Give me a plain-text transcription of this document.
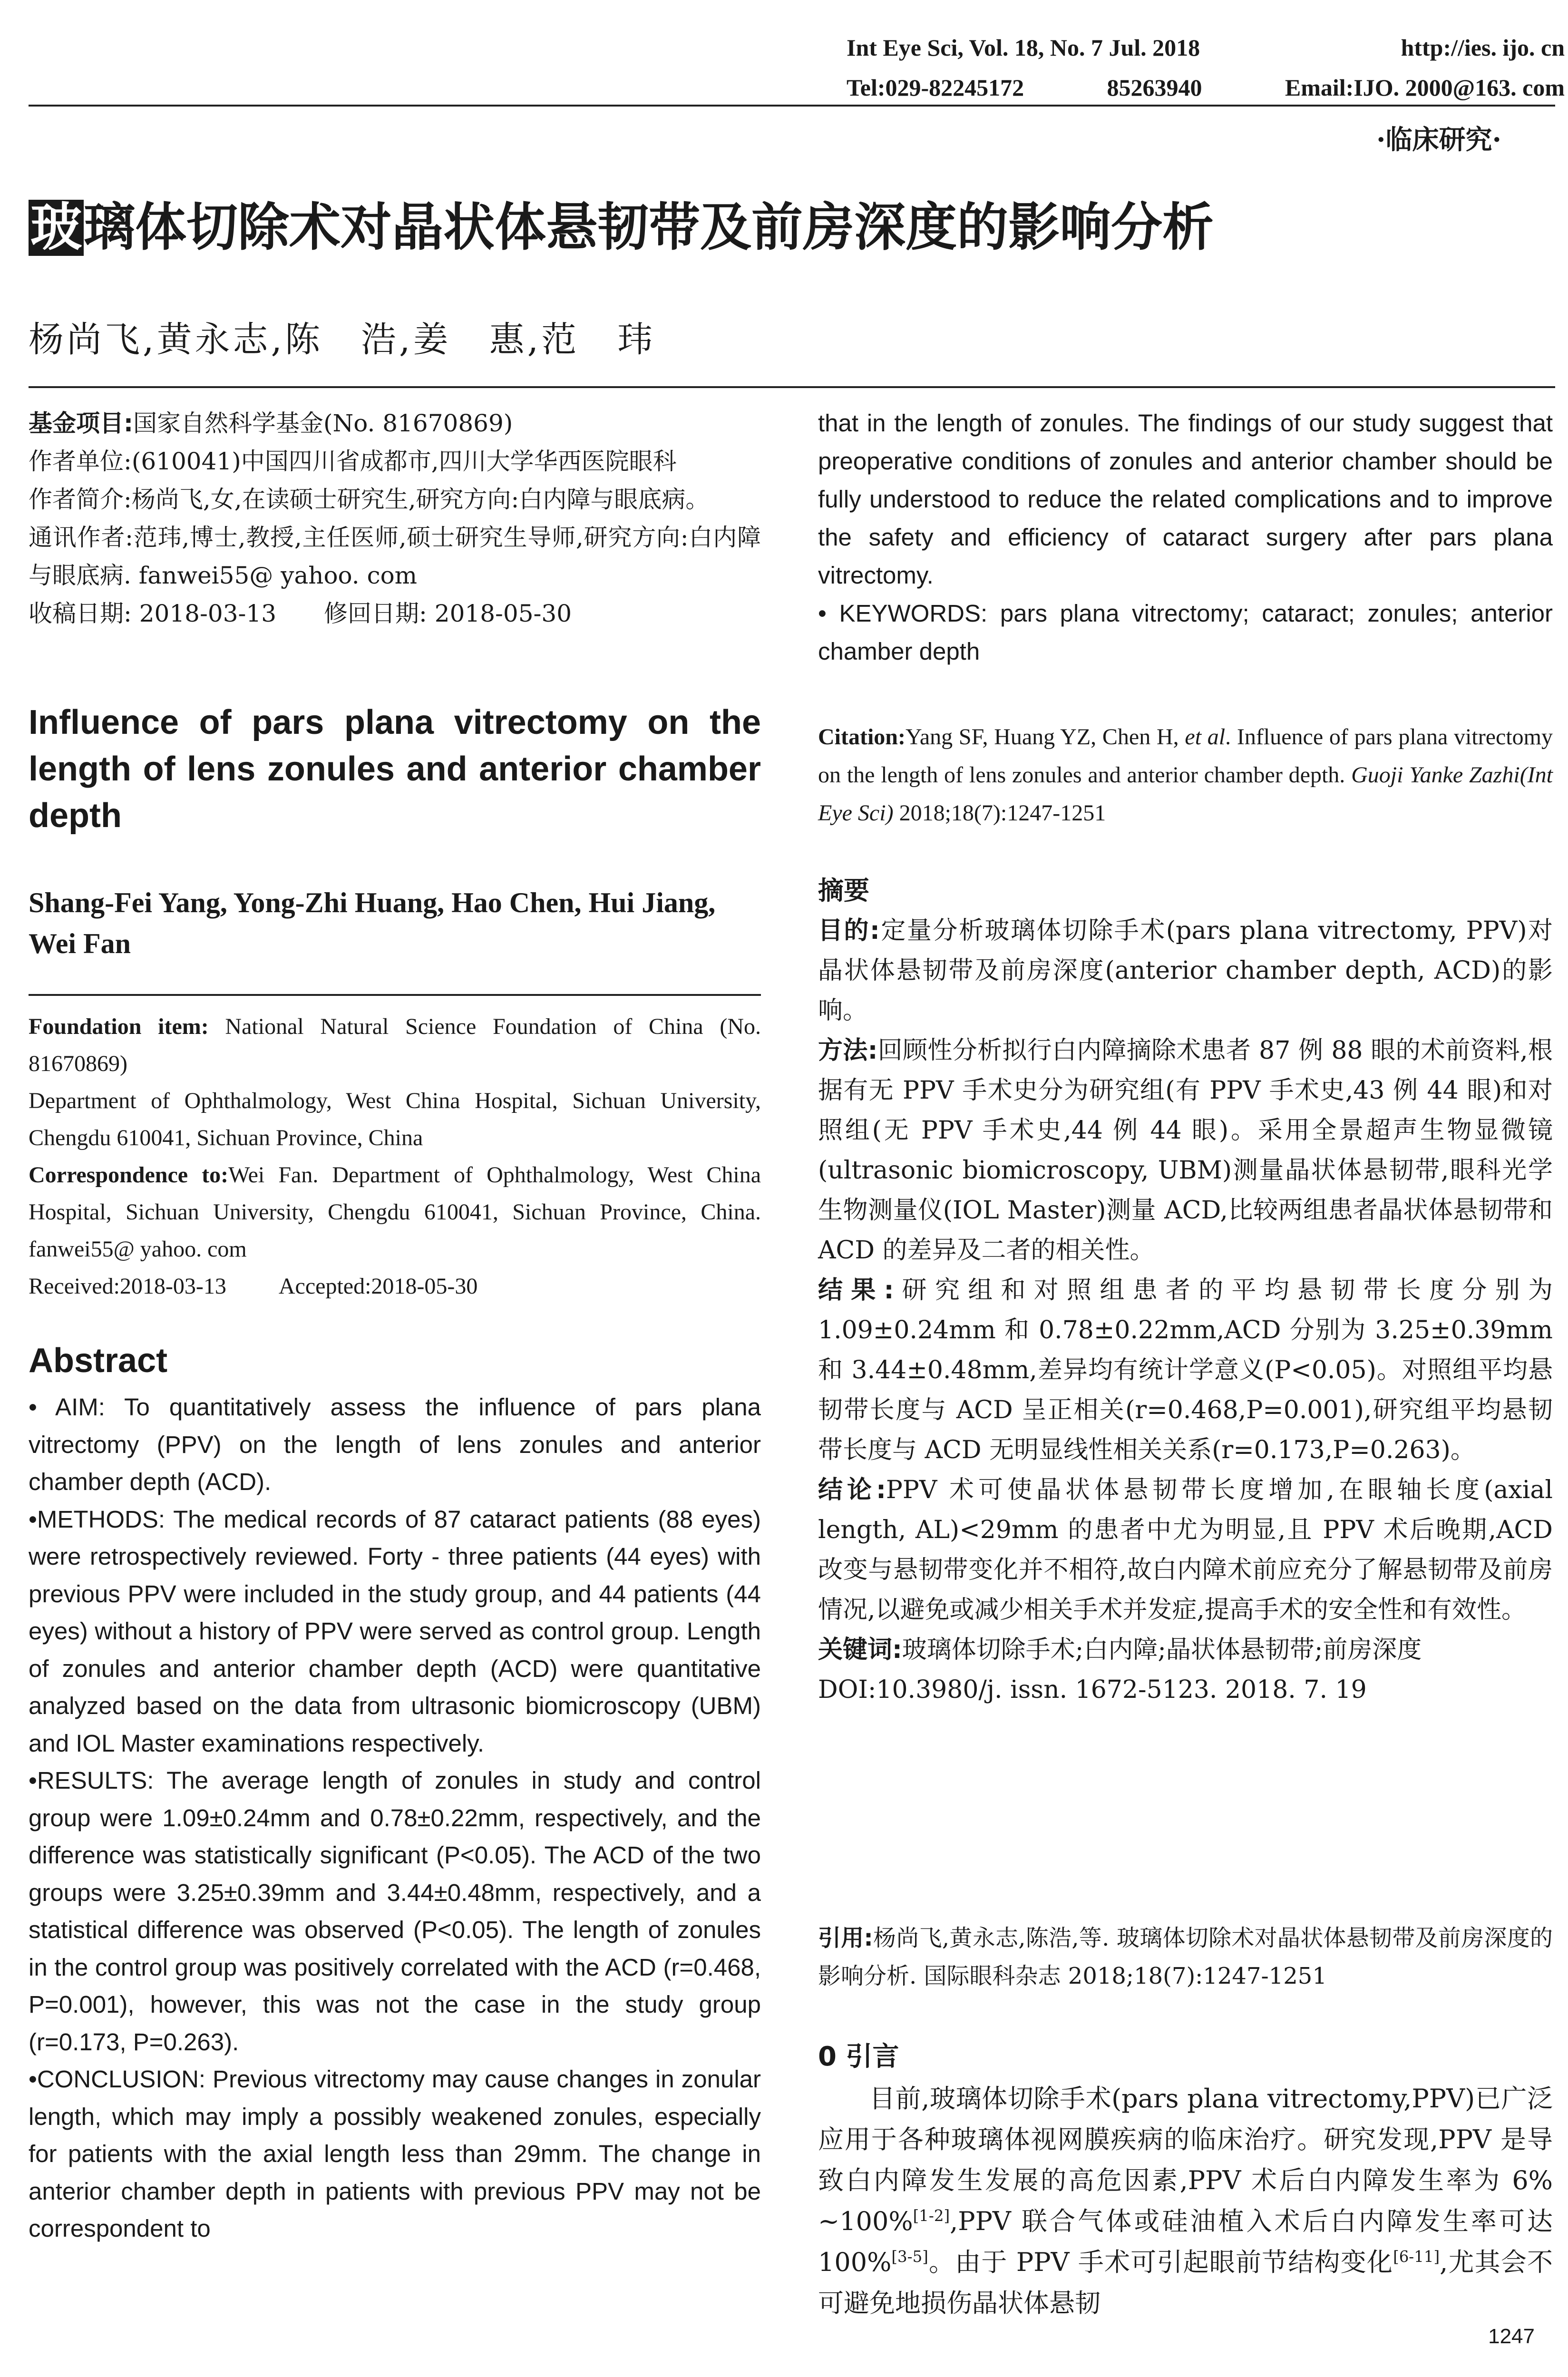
Int Eye Sci, Vol. 18, No. 7 Jul. 2018	http://ies. ijo. cn
Tel:029-82245172	85263940	Email:IJO. 2000@163. com
·临床研究·
玻 璃体切除术对晶状体悬韧带及前房深度的影响分析
杨尚飞,黄永志,陈　浩,姜　惠,范　玮

基金项目:国家自然科学基金(No. 81670869)

作者单位:(610041)中国四川省成都市,四川大学华西医院眼科

作者简介:杨尚飞,女,在读硕士研究生,研究方向:白内障与眼底病。

通讯作者:范玮,博士,教授,主任医师,硕士研究生导师,研究方向:白内障与眼底病. fanwei55@ yahoo. com

收稿日期: 2018-03-13　　修回日期: 2018-05-30

Influence of pars plana vitrectomy on the length of lens zonules and anterior chamber depth
Shang-Fei Yang, Yong-Zhi Huang, Hao Chen, Hui Jiang, Wei Fan

Foundation item: National Natural Science Foundation of China (No. 81670869)

Department of Ophthalmology, West China Hospital, Sichuan University, Chengdu 610041, Sichuan Province, China

Correspondence to:Wei Fan. Department of Ophthalmology, West China Hospital, Sichuan University, Chengdu 610041, Sichuan Province, China. fanwei55@ yahoo. com

Received:2018-03-13 Accepted:2018-05-30

Abstract

• AIM: To quantitatively assess the influence of pars plana vitrectomy (PPV) on the length of lens zonules and anterior chamber depth (ACD).

•METHODS: The medical records of 87 cataract patients (88 eyes) were retrospectively reviewed. Forty - three patients (44 eyes) with previous PPV were included in the study group, and 44 patients (44 eyes) without a history of PPV were served as control group. Length of zonules and anterior chamber depth (ACD) were quantitative analyzed based on the data from ultrasonic biomicroscopy (UBM) and IOL Master examinations respectively.

•RESULTS: The average length of zonules in study and control group were 1.09±0.24mm and 0.78±0.22mm, respectively, and the difference was statistically significant (P<0.05). The ACD of the two groups were 3.25±0.39mm and 3.44±0.48mm, respectively, and a statistical difference was observed (P<0.05). The length of zonules in the control group was positively correlated with the ACD (r=0.468, P=0.001), however, this was not the case in the study group (r=0.173, P=0.263).

•CONCLUSION: Previous vitrectomy may cause changes in zonular length, which may imply a possibly weakened zonules, especially for patients with the axial length less than 29mm. The change in anterior chamber depth in patients with previous PPV may not be correspondent to

that in the length of zonules. The findings of our study suggest that preoperative conditions of zonules and anterior chamber should be fully understood to reduce the related complications and to improve the safety and efficiency of cataract surgery after pars plana vitrectomy.

• KEYWORDS: pars plana vitrectomy; cataract; zonules; anterior chamber depth

Citation:Yang SF, Huang YZ, Chen H, et al. Influence of pars plana vitrectomy on the length of lens zonules and anterior chamber depth. Guoji Yanke Zazhi(Int Eye Sci) 2018;18(7):1247-1251
摘要

目的:定量分析玻璃体切除手术(pars plana vitrectomy, PPV)对晶状体悬韧带及前房深度(anterior chamber depth, ACD)的影响。

方法:回顾性分析拟行白内障摘除术患者 87 例 88 眼的术前资料,根据有无 PPV 手术史分为研究组(有 PPV 手术史,43 例 44 眼)和对照组(无 PPV 手术史,44 例 44 眼)。采用全景超声生物显微镜(ultrasonic biomicroscopy, UBM)测量晶状体悬韧带,眼科光学生物测量仪(IOL Master)测量 ACD,比较两组患者晶状体悬韧带和 ACD 的差异及二者的相关性。

结果:研究组和对照组患者的平均悬韧带长度分别为 1.09±0.24mm 和 0.78±0.22mm,ACD 分别为 3.25±0.39mm 和 3.44±0.48mm,差异均有统计学意义(P<0.05)。对照组平均悬韧带长度与 ACD 呈正相关(r=0.468,P=0.001),研究组平均悬韧带长度与 ACD 无明显线性相关关系(r=0.173,P=0.263)。

结论:PPV 术可使晶状体悬韧带长度增加,在眼轴长度(axial length, AL)<29mm 的患者中尤为明显,且 PPV 术后晚期,ACD 改变与悬韧带变化并不相符,故白内障术前应充分了解悬韧带及前房情况,以避免或减少相关手术并发症,提高手术的安全性和有效性。

关键词:玻璃体切除手术;白内障;晶状体悬韧带;前房深度

DOI:10.3980/j. issn. 1672-5123. 2018. 7. 19

引用:杨尚飞,黄永志,陈浩,等. 玻璃体切除术对晶状体悬韧带及前房深度的影响分析. 国际眼科杂志 2018;18(7):1247-1251
0 引言

目前,玻璃体切除手术(pars plana vitrectomy,PPV)已广泛应用于各种玻璃体视网膜疾病的临床治疗。研究发现,PPV 是导致白内障发生发展的高危因素,PPV 术后白内障发生率为 6% ~100%[1-2],PPV 联合气体或硅油植入术后白内障发生率可达 100%[3-5]。由于 PPV 手术可引起眼前节结构变化[6-11],尤其会不可避免地损伤晶状体悬韧

1247
